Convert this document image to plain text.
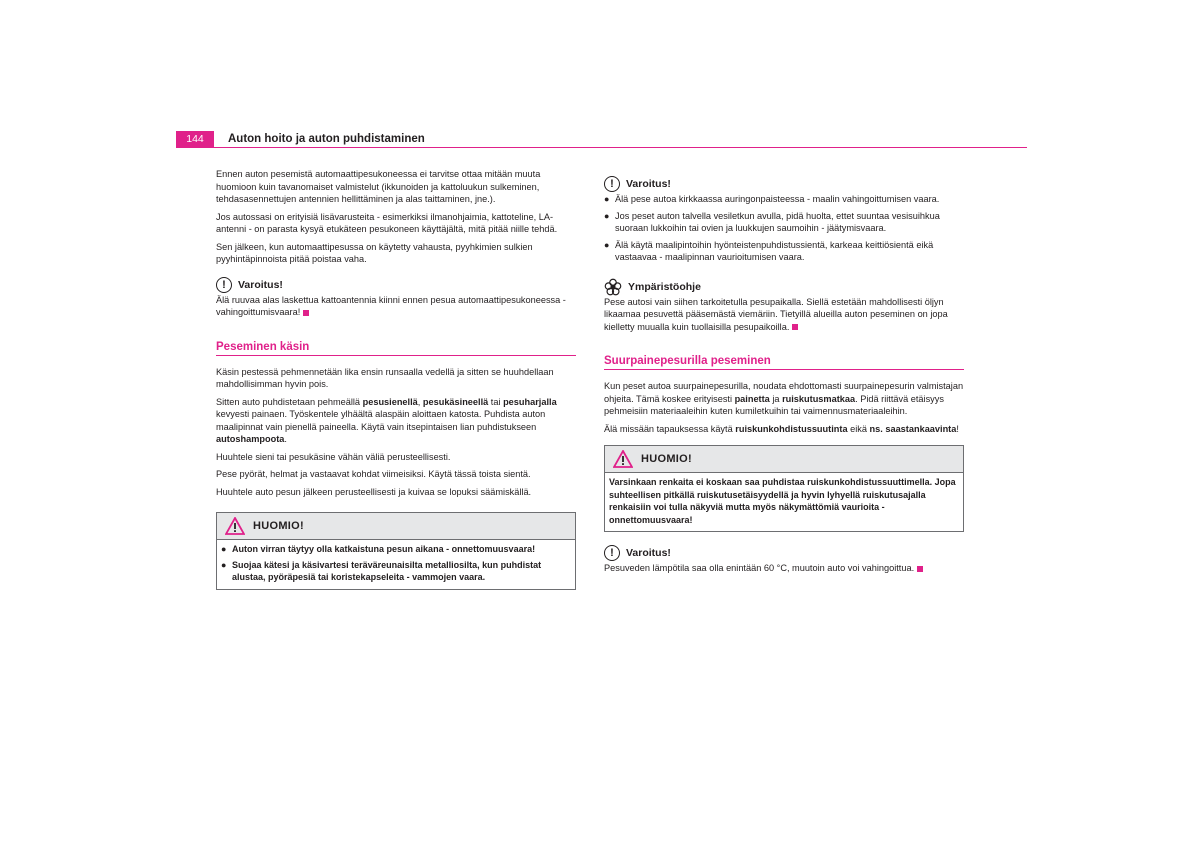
144	Auton hoito ja auton puhdistaminen

Ennen auton pesemistä automaattipesukoneessa ei tarvitse ottaa mitään muuta huomioon kuin tavanomaiset valmistelut (ikkunoiden ja kattoluukun sulkeminen, tehdasasennettujen antennien hellittäminen ja alas taittaminen, jne.).

Jos autossasi on erityisiä lisävarusteita - esimerkiksi ilmanohjaimia, kattoteline, LA-antenni - on parasta kysyä etukäteen pesukoneen käyttäjältä, mitä pitää niille tehdä.

Sen jälkeen, kun automaattipesussa on käytetty vahausta, pyyhkimien sulkien pyyhintäpinnoista pitää poistaa vaha.

!	Varoitus!

Älä ruuvaa alas laskettua kattoantennia kiinni ennen pesua automaattipesukoneessa - vahingoittumisvaara!

Peseminen käsin

Käsin pestessä pehmennetään lika ensin runsaalla vedellä ja sitten se huuhdellaan mahdollisimman hyvin pois.

Sitten auto puhdistetaan pehmeällä pesusienellä, pesukäsineellä tai pesuharjalla kevyesti painaen. Työskentele ylhäältä alaspäin aloittaen katosta. Puhdista auton maalipinnat vain pienellä paineella. Käytä vain itsepintaisen lian puhdistukseen autoshampoota.

Huuhtele sieni tai pesukäsine vähän väliä perusteellisesti.

Pese pyörät, helmat ja vastaavat kohdat viimeisiksi. Käytä tässä toista sientä.

Huuhtele auto pesun jälkeen perusteellisesti ja kuivaa se lopuksi säämiskällä.

HUOMIO!
● Auton virran täytyy olla katkaistuna pesun aikana - onnettomuusvaara!
● Suojaa kätesi ja käsivartesi teräväreunaisilta metalliosilta, kun puhdistat alustaa, pyöräpesiä tai koristekapseleita - vammojen vaara.
!	Varoitus!
● Älä pese autoa kirkkaassa auringonpaisteessa - maalin vahingoittumisen vaara.
● Jos peset auton talvella vesiletkun avulla, pidä huolta, ettet suuntaa vesisuihkua suoraan lukkoihin tai ovien ja luukkujen saumoihin - jäätymisvaara.
● Älä käytä maalipintoihin hyönteistenpuhdistussientä, karkeaa keittiösientä eikä vastaavaa - maalipinnan vaurioitumisen vaara.
Ympäristöohje

Pese autosi vain siihen tarkoitetulla pesupaikalla. Siellä estetään mahdollisesti öljyn likaamaa pesuvettä pääsemästä viemäriin. Tietyillä alueilla auton peseminen on jopa kielletty muualla kuin tuollaisilla pesupaikoilla.

Suurpainepesurilla peseminen

Kun peset autoa suurpainepesurilla, noudata ehdottomasti suurpainepesurin valmistajan ohjeita. Tämä koskee erityisesti painetta ja ruiskutusmatkaa. Pidä riittävä etäisyys pehmeisiin materiaaleihin kuten kumiletkuihin tai vaimennusmateriaaleihin.

Älä missään tapauksessa käytä ruiskunkohdistussuutinta eikä ns. saastankaavinta!

HUOMIO!

Varsinkaan renkaita ei koskaan saa puhdistaa ruiskunkohdistussuuttimella. Jopa suhteellisen pitkällä ruiskutusetäisyydellä ja hyvin lyhyellä ruiskutusajalla renkaisiin voi tulla näkyviä mutta myös näkymättömiä vaurioita - onnettomuusvaara!

!	Varoitus!

Pesuveden lämpötila saa olla enintään 60 °C, muutoin auto voi vahingoittua.
